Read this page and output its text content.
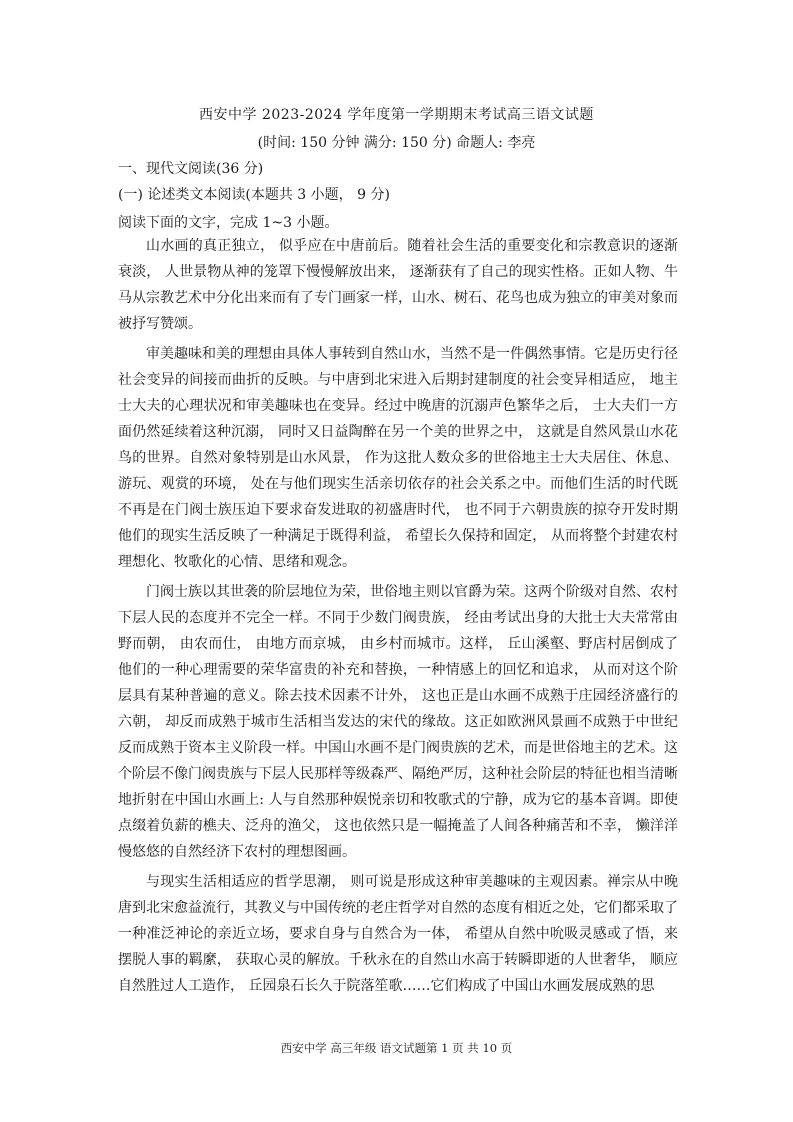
西安中学 2023-2024 学年度第一学期期末考试高三语文试题
(时间: 150 分钟 满分: 150 分) 命题人: 李亮
一、现代文阅读(36 分)
(一) 论述类文本阅读(本题共 3 小题， 9 分)
阅读下面的文字，完成 1~3 小题。

山水画的真正独立， 似乎应在中唐前后。随着社会生活的重要变化和宗教意识的逐渐衰淡， 人世景物从神的笼罩下慢慢解放出来， 逐渐获有了自己的现实性格。正如人物、牛马从宗教艺术中分化出来而有了专门画家一样，山水、树石、花鸟也成为独立的审美对象而被抒写赞颂。

审美趣味和美的理想由具体人事转到自然山水，当然不是一件偶然事情。它是历史行径社会变异的间接而曲折的反映。与中唐到北宋进入后期封建制度的社会变异相适应， 地主士大夫的心理状况和审美趣味也在变异。经过中晚唐的沉溺声色繁华之后， 士大夫们一方面仍然延续着这种沉溺， 同时又日益陶醉在另一个美的世界之中， 这就是自然风景山水花鸟的世界。自然对象特别是山水风景， 作为这批人数众多的世俗地主士大夫居住、休息、游玩、观赏的环境， 处在与他们现实生活亲切依存的社会关系之中。而他们生活的时代既不再是在门阀士族压迫下要求奋发进取的初盛唐时代， 也不同于六朝贵族的掠夺开发时期他们的现实生活反映了一种满足于既得利益， 希望长久保持和固定， 从而将整个封建农村理想化、牧歌化的心情、思绪和观念。

门阀士族以其世袭的阶层地位为荣，世俗地主则以官爵为荣。这两个阶级对自然、农村下层人民的态度并不完全一样。不同于少数门阀贵族， 经由考试出身的大批士大夫常常由野而朝， 由农而仕， 由地方而京城， 由乡村而城市。这样， 丘山溪壑、野店村居倒成了他们的一种心理需要的荣华富贵的补充和替换，一种情感上的回忆和追求， 从而对这个阶层具有某种普遍的意义。除去技术因素不计外， 这也正是山水画不成熟于庄园经济盛行的六朝， 却反而成熟于城市生活相当发达的宋代的缘故。这正如欧洲风景画不成熟于中世纪反而成熟于资本主义阶段一样。中国山水画不是门阀贵族的艺术，而是世俗地主的艺术。这个阶层不像门阀贵族与下层人民那样等级森严、隔绝严厉，这种社会阶层的特征也相当清晰地折射在中国山水画上: 人与自然那种娱悦亲切和牧歌式的宁静，成为它的基本音调。即使点缀着负薪的樵夫、泛舟的渔父， 这也依然只是一幅掩盖了人间各种痛苦和不幸， 懒洋洋慢悠悠的自然经济下农村的理想图画。

与现实生活相适应的哲学思潮， 则可说是形成这种审美趣味的主观因素。禅宗从中晚唐到北宋愈益流行，其教义与中国传统的老庄哲学对自然的态度有相近之处，它们都采取了一种准泛神论的亲近立场，要求自身与自然合为一体， 希望从自然中吮吸灵感或了悟，来摆脱人事的羁縻， 获取心灵的解放。千秋永在的自然山水高于转瞬即逝的人世奢华， 顺应自然胜过人工造作， 丘园泉石长久于院落笙歌……它们构成了中国山水画发展成熟的思

西安中学 高三年级 语文试题第 1 页 共 10 页
